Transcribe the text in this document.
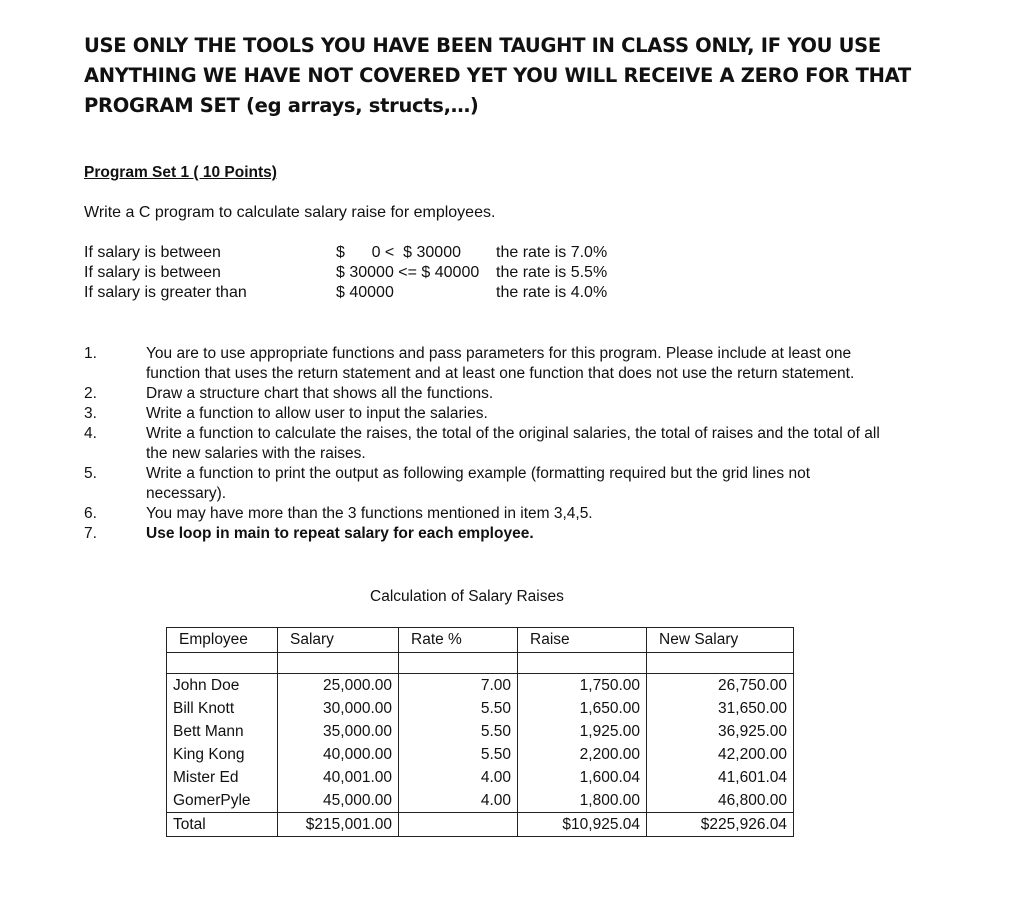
USE ONLY THE TOOLS YOU HAVE BEEN TAUGHT IN CLASS ONLY, IF YOU USE
ANYTHING WE HAVE NOT COVERED YET YOU WILL RECEIVE A ZERO FOR THAT
PROGRAM SET (eg arrays, structs,…)
Program Set 1 ( 10 Points)
Write a C program to calculate salary raise for employees.
If salary is between	$      0 <  $ 30000 the rate is 7.0%
If salary is between	$ 30000 <= $ 40000 the rate is 5.5%
If salary is greater than	$ 40000	the rate is 4.0%
1.	You are to use appropriate functions and pass parameters for this program. Please include at least one function that uses the return statement and at least one function that does not use the return statement.
2.	Draw a structure chart that shows all the functions.
3.	Write a function to allow user to input the salaries.
4.	Write a function to calculate the raises, the total of the original salaries, the total of raises and the total of all the new salaries with the raises.
5.	Write a function to print the output as following example (formatting required but the grid lines not necessary).
6.	You may have more than the 3 functions mentioned in item 3,4,5.
7.	Use loop in main to repeat salary for each employee.
Calculation of Salary Raises
Employee	Salary	Rate %	Raise	New Salary

John Doe	25,000.00	7.00	1,750.00	26,750.00
Bill Knott	30,000.00	5.50	1,650.00	31,650.00
Bett Mann	35,000.00	5.50	1,925.00	36,925.00
King Kong	40,000.00	5.50	2,200.00	42,200.00
Mister Ed	40,001.00	4.00	1,600.04	41,601.04
GomerPyle	45,000.00	4.00	1,800.00	46,800.00
Total	$215,001.00		$10,925.04	$225,926.04
